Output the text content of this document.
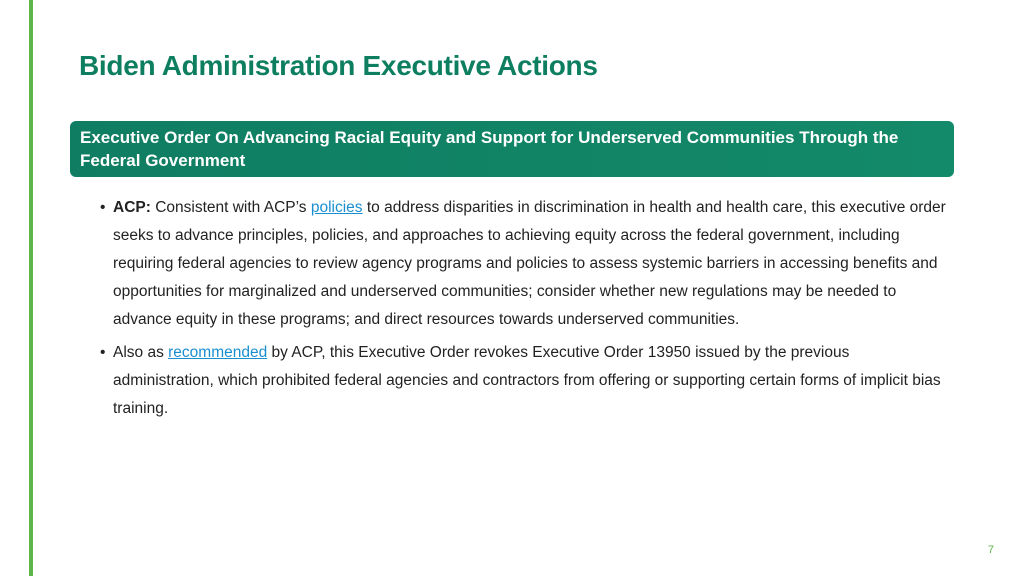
Biden Administration Executive Actions
Executive Order On Advancing Racial Equity and Support for Underserved Communities Through the Federal Government
• ACP: Consistent with ACP’s policies to address disparities in discrimination in health and health care, this executive order seeks to advance principles, policies, and approaches to achieving equity across the federal government, including requiring federal agencies to review agency programs and policies to assess systemic barriers in accessing benefits and opportunities for marginalized and underserved communities; consider whether new regulations may be needed to advance equity in these programs; and direct resources towards underserved communities.
• Also as recommended by ACP, this Executive Order revokes Executive Order 13950 issued by the previous administration, which prohibited federal agencies and contractors from offering or supporting certain forms of implicit bias training.
7
